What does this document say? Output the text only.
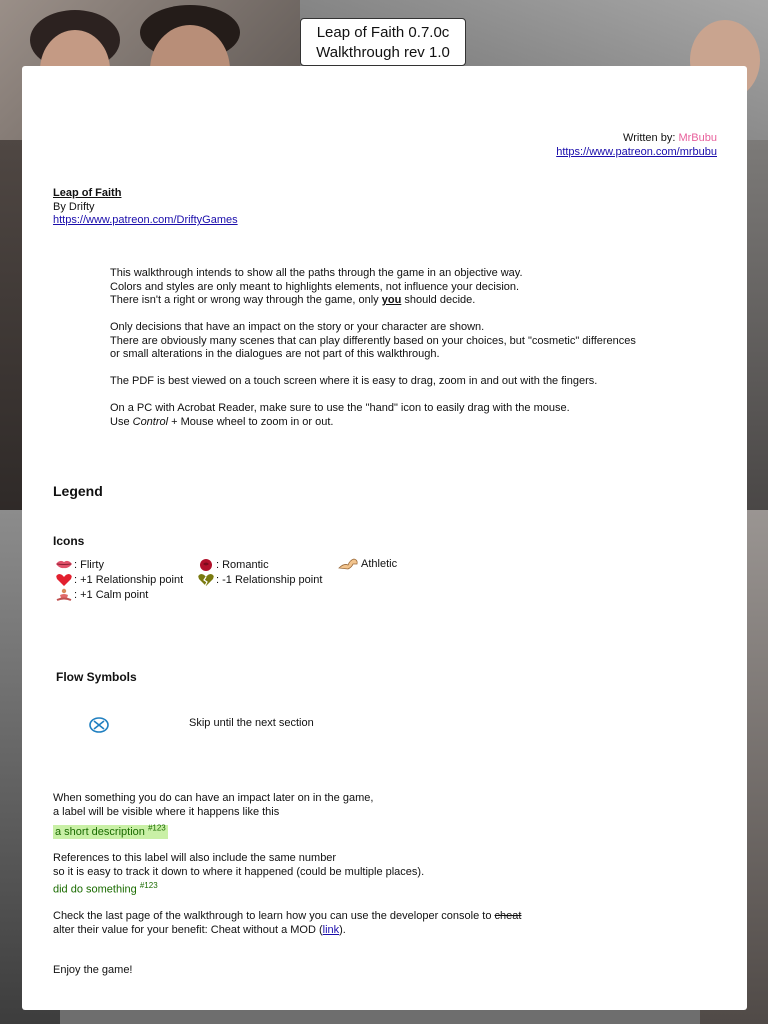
Leap of Faith 0.7.0c
Walkthrough rev 1.0
Written by: MrBubu
https://www.patreon.com/mrbubu
Leap of Faith
By Drifty
https://www.patreon.com/DriftyGames

This walkthrough intends to show all the paths through the game in an objective way.
Colors and styles are only meant to highlights elements, not influence your decision.
There isn't a right or wrong way through the game, only you should decide.

Only decisions that have an impact on the story or your character are shown.
There are obviously many scenes that can play differently based on your choices, but "cosmetic" differences
or small alterations in the dialogues are not part of this walkthrough.

The PDF is best viewed on a touch screen where it is easy to drag, zoom in and out with the fingers.

On a PC with Acrobat Reader, make sure to use the "hand" icon to easily drag with the mouse.
Use Control + Mouse wheel to zoom in or out.

Legend
Icons
: Flirty	: Romantic	Athletic
: +1 Relationship point	: -1 Relationship point
: +1 Calm point
Flow Symbols
Skip until the next section
When something you do can have an impact later on in the game,
a label will be visible where it happens like this
a short description $^{\#123}$
References to this label will also include the same number
so it is easy to track it down to where it happened (could be multiple places).
did do something $^{\#123}$
Check the last page of the walkthrough to learn how you can use the developer console to cheat
alter their value for your benefit: Cheat without a MOD (link).
Enjoy the game!
